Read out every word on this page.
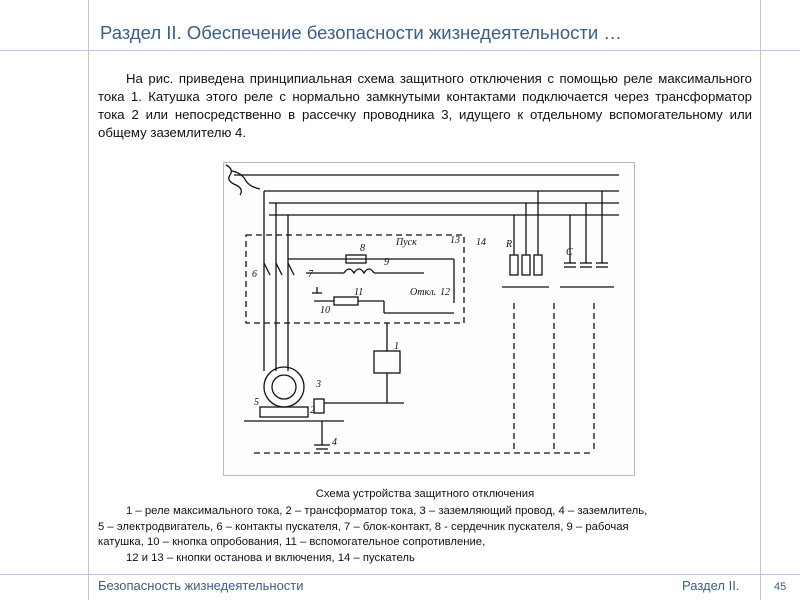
Раздел II. Обеспечение безопасности жизнедеятельности …
На рис. приведена принципиальная схема защитного отключения с помощью реле максимального тока 1. Катушка этого реле с нормально замкнутыми контактами подключается через трансформатор тока 2 или непосредственно в рассечку проводника 3, идущего к отдельному вспомогательному или общему заземлителю 4.
Пуск
Откл.
R
C
1
2
3
4
5
6	7
8
9
10
11	12
13 14
Схема устройства защитного отключения

1 – реле максимального тока, 2 – трансформатор тока, 3 – заземляющий провод, 4 – заземлитель,

5 – электродвигатель, 6 – контакты пускателя, 7 – блок-контакт, 8 - сердечник пускателя, 9 – рабочая

катушка, 10 – кнопка опробования, 11 – вспомогательное сопротивление,

12 и 13 – кнопки останова и включения, 14 – пускатель

Безопасность жизнедеятельности	Раздел II.	45
